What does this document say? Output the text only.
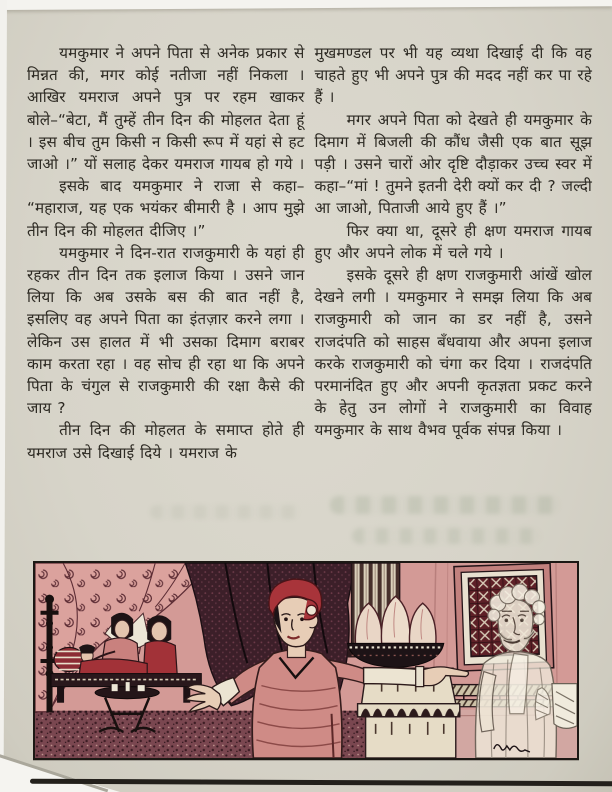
यमकुमार ने अपने पिता से अनेक प्रकार से मिन्नत की, मगर कोई नतीजा नहीं निकला । आखिर यमराज अपने पुत्र पर रहम खाकर बोले–“बेटा, मैं तुम्हें तीन दिन की मोहलत देता हूं । इस बीच तुम किसी न किसी रूप में यहां से हट जाओ ।” यों सलाह देकर यमराज गायब हो गये ।

इसके बाद यमकुमार ने राजा से कहा– “महाराज, यह एक भयंकर बीमारी है । आप मुझे तीन दिन की मोहलत दीजिए ।”

यमकुमार ने दिन-रात राजकुमारी के यहां ही रहकर तीन दिन तक इलाज किया । उसने जान लिया कि अब उसके बस की बात नहीं है, इसलिए वह अपने पिता का इंतज़ार करने लगा । लेकिन उस हालत में भी उसका दिमाग बराबर काम करता रहा । वह सोच ही रहा था कि अपने पिता के चंगुल से राजकुमारी की रक्षा कैसे की जाय ?

तीन दिन की मोहलत के समाप्त होते ही यमराज उसे दिखाई दिये । यमराज के

मुखमण्डल पर भी यह व्यथा दिखाई दी कि वह चाहते हुए भी अपने पुत्र की मदद नहीं कर पा रहे हैं ।

मगर अपने पिता को देखते ही यमकुमार के दिमाग में बिजली की कौंध जैसी एक बात सूझ पड़ी । उसने चारों ओर दृष्टि दौड़ाकर उच्च स्वर में कहा–“मां ! तुमने इतनी देरी क्यों कर दी ? जल्दी आ जाओ, पिताजी आये हुए हैं ।”

फिर क्या था, दूसरे ही क्षण यमराज गायब हुए और अपने लोक में चले गये ।

इसके दूसरे ही क्षण राजकुमारी आंखें खोल देखने लगी । यमकुमार ने समझ लिया कि अब राजकुमारी को जान का डर नहीं है, उसने राजदंपति को साहस बँधवाया और अपना इलाज करके राजकुमारी को चंगा कर दिया । राजदंपति परमानंदित हुए और अपनी कृतज्ञता प्रकट करने के हेतु उन लोगों ने राजकुमारी का विवाह यमकुमार के साथ वैभव पूर्वक संपन्न किया ।
